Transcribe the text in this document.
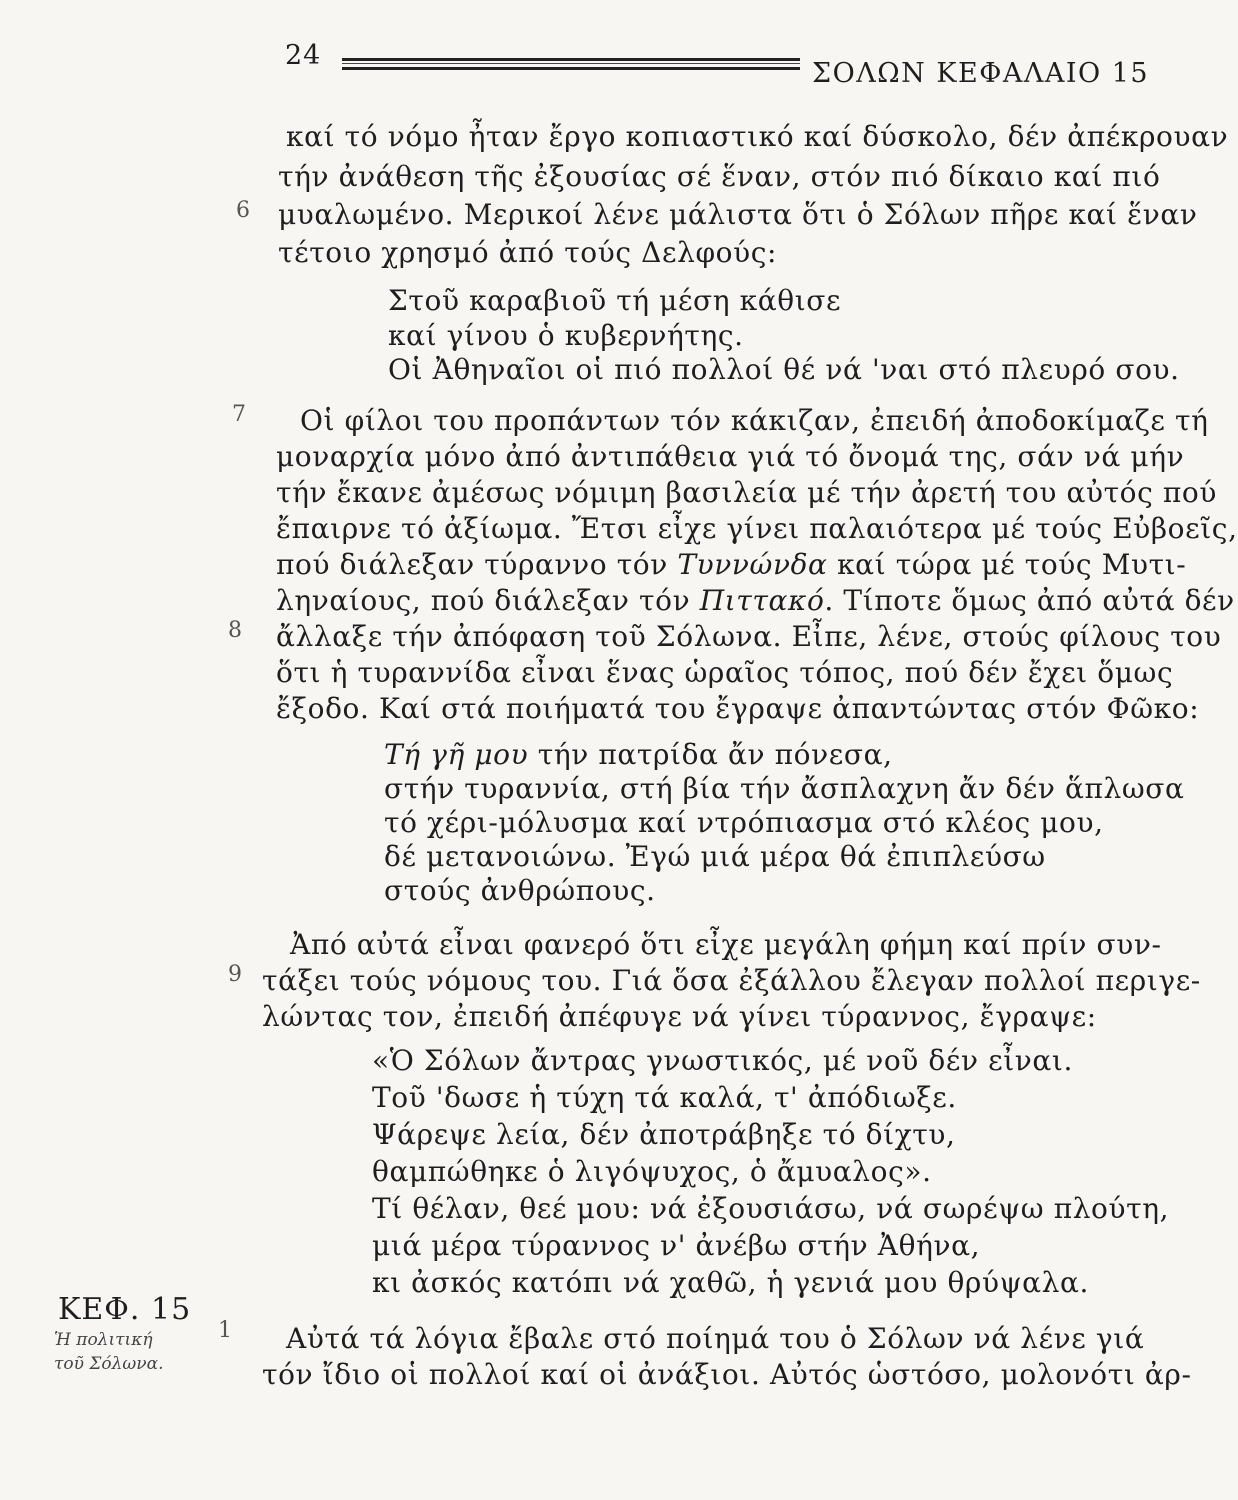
24
ΣΟΛΩΝ ΚΕΦΑΛΑΙΟ 15
καί τό νόμο ἦταν ἔργο κοπιαστικό καί δύσκολο, δέν ἀπέκρουαν
τήν ἀνάθεση τῆς ἐξουσίας σέ ἕναν, στόν πιό δίκαιο καί πιό
6 μυαλωμένο. Μερικοί λένε μάλιστα ὅτι ὁ Σόλων πῆρε καί ἕναν
τέτοιο χρησμό ἀπό τούς Δελφούς:
Στοῦ καραβιοῦ τή μέση κάθισε
καί γίνου ὁ κυβερνήτης.
Οἱ Ἀθηναῖοι οἱ πιό πολλοί θέ νά 'ναι στό πλευρό σου.
7 Οἱ φίλοι του προπάντων τόν κάκιζαν, ἐπειδή ἀποδοκίμαζε τή
μοναρχία μόνο ἀπό ἀντιπάθεια γιά τό ὄνομά της, σάν νά μήν
τήν ἔκανε ἀμέσως νόμιμη βασιλεία μέ τήν ἀρετή του αὐτός πού
ἔπαιρνε τό ἀξίωμα. Ἔτσι εἶχε γίνει παλαιότερα μέ τούς Εὐβοεῖς,
πού διάλεξαν τύραννο τόν Τυννώνδα καί τώρα μέ τούς Μυτι-
ληναίους, πού διάλεξαν τόν Πιττακό. Τίποτε ὅμως ἀπό αὐτά δέν
8 ἄλλαξε τήν ἀπόφαση τοῦ Σόλωνα. Εἶπε, λένε, στούς φίλους του
ὅτι ἡ τυραννίδα εἶναι ἕνας ὡραῖος τόπος, πού δέν ἔχει ὅμως
ἔξοδο. Καί στά ποιήματά του ἔγραψε ἀπαντώντας στόν Φῶκο:
Τή γῆ μου τήν πατρίδα ἄν πόνεσα,
στήν τυραννία, στή βία τήν ἄσπλαχνη ἄν δέν ἅπλωσα
τό χέρι-μόλυσμα καί ντρόπιασμα στό κλέος μου,
δέ μετανοιώνω. Ἐγώ μιά μέρα θά ἐπιπλεύσω
στούς ἀνθρώπους.
Ἀπό αὐτά εἶναι φανερό ὅτι εἶχε μεγάλη φήμη καί πρίν συν-
9 τάξει τούς νόμους του. Γιά ὅσα ἐξάλλου ἔλεγαν πολλοί περιγε-
λώντας τον, ἐπειδή ἀπέφυγε νά γίνει τύραννος, ἔγραψε:
«Ὁ Σόλων ἄντρας γνωστικός, μέ νοῦ δέν εἶναι.
Τοῦ 'δωσε ἡ τύχη τά καλά, τ' ἀπόδιωξε.
Ψάρεψε λεία, δέν ἀποτράβηξε τό δίχτυ,
θαμπώθηκε ὁ λιγόψυχος, ὁ ἄμυαλος».
Τί θέλαν, θεέ μου: νά ἐξουσιάσω, νά σωρέψω πλούτη,
μιά μέρα τύραννος ν' ἀνέβω στήν Ἀθήνα,
κι ἀσκός κατόπι νά χαθῶ, ἡ γενιά μου θρύψαλα.
ΚΕΦ. 15
Ἡ πολιτική
τοῦ Σόλωνα.
1 Αὐτά τά λόγια ἔβαλε στό ποίημά του ὁ Σόλων νά λένε γιά
τόν ἴδιο οἱ πολλοί καί οἱ ἀνάξιοι. Αὐτός ὡστόσο, μολονότι ἀρ-
